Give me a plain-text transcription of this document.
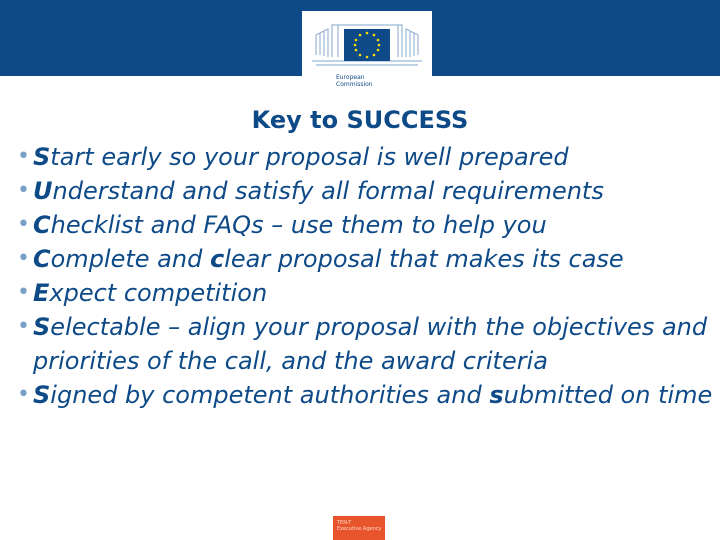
European
Commission
Key to SUCCESS
• Start early so your proposal is well prepared
• Understand and satisfy all formal requirements
• Checklist and FAQs – use them to help you
• Complete and clear proposal that makes its case
• Expect competition
• Selectable – align your proposal with the objectives and priorities of the call, and the award criteria
• Signed by competent authorities and submitted on time
TEN-T
Executive Agency
